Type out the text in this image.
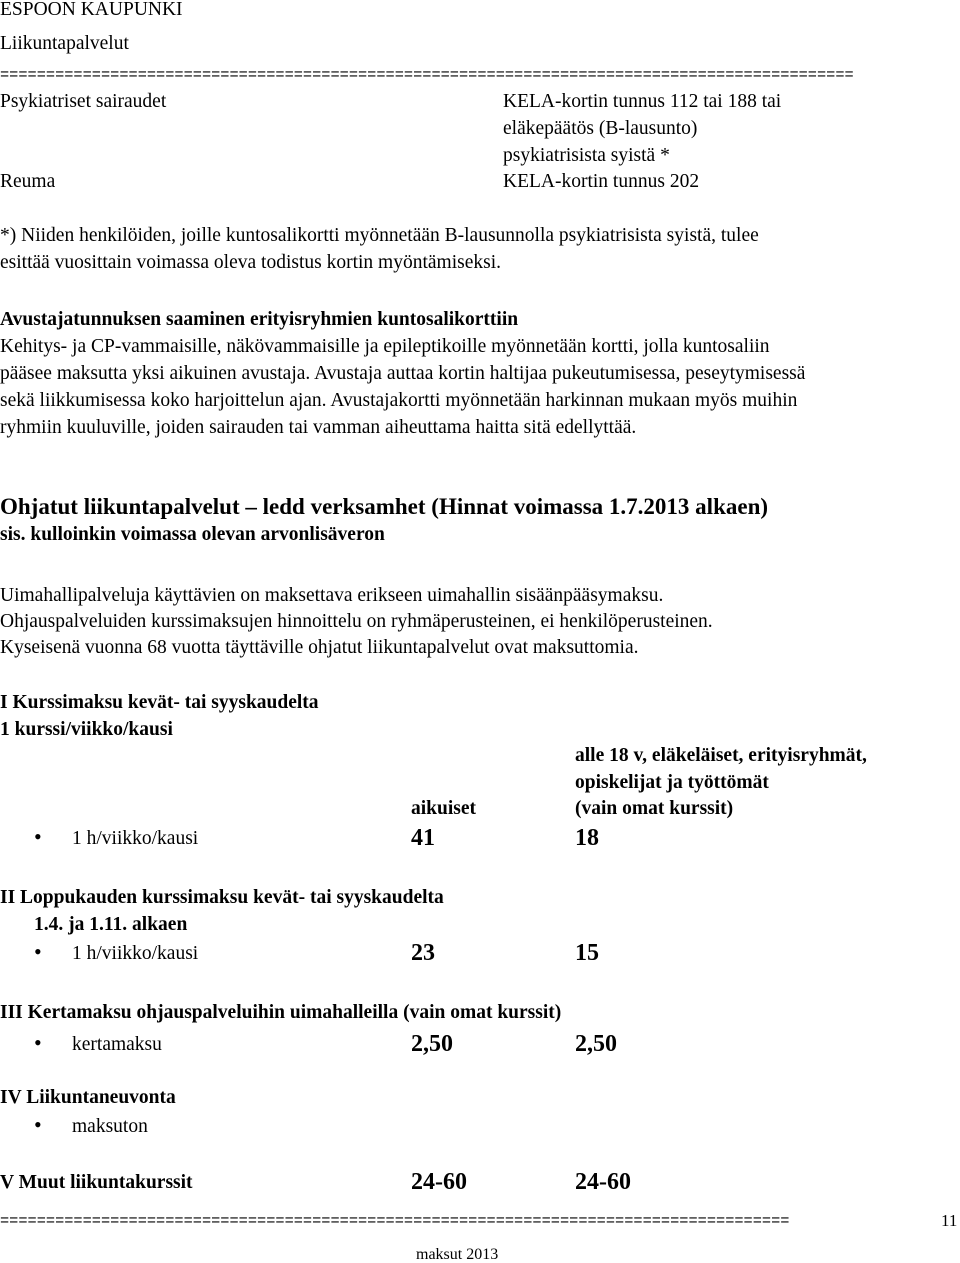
ESPOON KAUPUNKI
Liikuntapalvelut
=============================================================================================
Psykiatriset sairaudet	KELA-kortin tunnus 112 tai 188 tai
eläkepäätös (B-lausunto)
psykiatrisista syistä *
Reuma	KELA-kortin tunnus 202
*) Niiden henkilöiden, joille kuntosalikortti myönnetään B-lausunnolla psykiatrisista syistä, tulee
esittää vuosittain voimassa oleva todistus kortin myöntämiseksi.
Avustajatunnuksen saaminen erityisryhmien kuntosalikorttiin
Kehitys- ja CP-vammaisille, näkövammaisille ja epileptikoille myönnetään kortti, jolla kuntosaliin
pääsee maksutta yksi aikuinen avustaja. Avustaja auttaa kortin haltijaa pukeutumisessa, peseytymisessä
sekä liikkumisessa koko harjoittelun ajan. Avustajakortti myönnetään harkinnan mukaan myös muihin
ryhmiin kuuluville, joiden sairauden tai vamman aiheuttama haitta sitä edellyttää.
Ohjatut liikuntapalvelut – ledd verksamhet (Hinnat voimassa 1.7.2013 alkaen)
sis. kulloinkin voimassa olevan arvonlisäveron
Uimahallipalveluja käyttävien on maksettava erikseen uimahallin sisäänpääsymaksu.
Ohjauspalveluiden kurssimaksujen hinnoittelu on ryhmäperusteinen, ei henkilöperusteinen.
Kyseisenä vuonna 68 vuotta täyttäville ohjatut liikuntapalvelut ovat maksuttomia.
I Kurssimaksu kevät- tai syyskaudelta
1 kurssi/viikko/kausi
alle 18 v, eläkeläiset, erityisryhmät,
opiskelijat ja työttömät
(vain omat kurssit)
aikuiset
• 1 h/viikko/kausi	41	18
II Loppukauden kurssimaksu kevät- tai syyskaudelta
1.4. ja 1.11. alkaen
• 1 h/viikko/kausi	23	15
III Kertamaksu ohjauspalveluihin uimahalleilla (vain omat kurssit)
• kertamaksu	2,50	2,50
IV Liikuntaneuvonta
• maksuton
V Muut liikuntakurssit	24-60	24-60
======================================================================================	11
maksut 2013
